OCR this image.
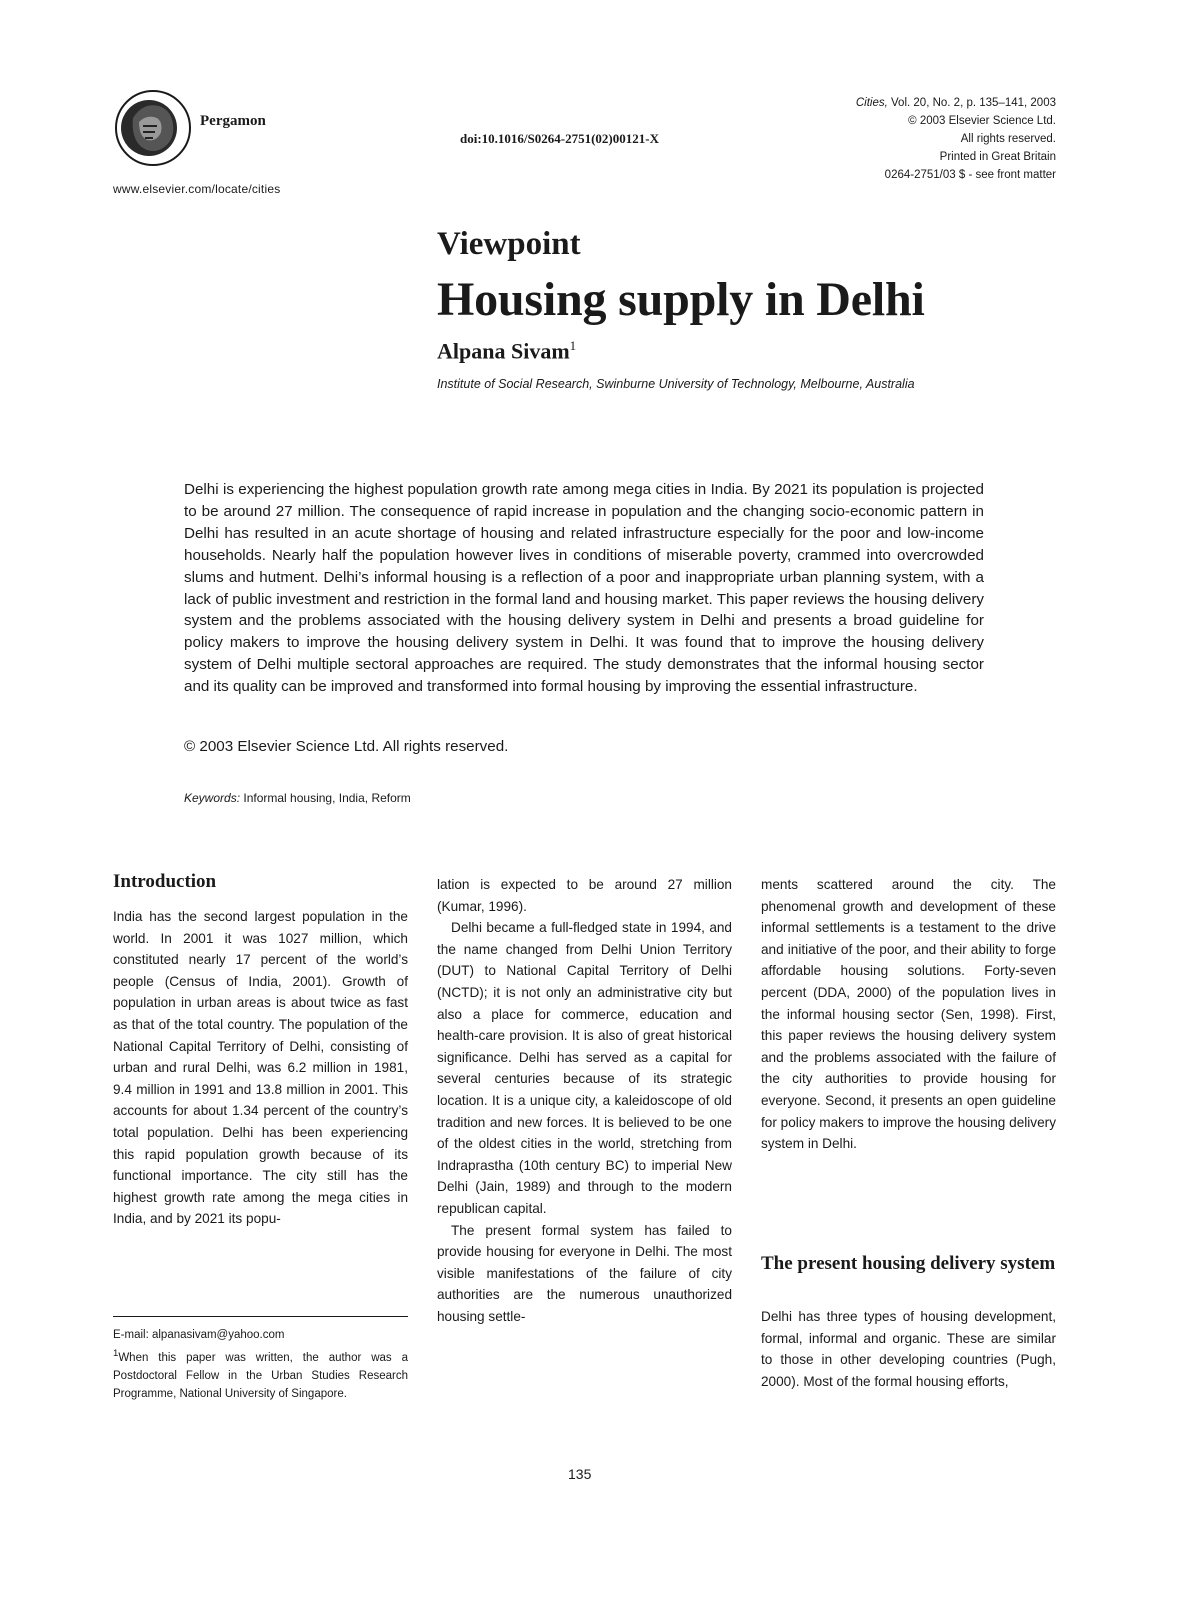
Pergamon
www.elsevier.com/locate/cities
doi:10.1016/S0264-2751(02)00121-X
Cities, Vol. 20, No. 2, p. 135–141, 2003
© 2003 Elsevier Science Ltd.
All rights reserved.
Printed in Great Britain
0264-2751/03 $ - see front matter
Viewpoint
Housing supply in Delhi
Alpana Sivam$^1$
Institute of Social Research, Swinburne University of Technology, Melbourne, Australia
Delhi is experiencing the highest population growth rate among mega cities in India. By 2021 its population is projected to be around 27 million. The consequence of rapid increase in population and the changing socio-economic pattern in Delhi has resulted in an acute shortage of housing and related infrastructure especially for the poor and low-income households. Nearly half the population however lives in conditions of miserable poverty, crammed into overcrowded slums and hutment. Delhi’s informal housing is a reflection of a poor and inappropriate urban planning system, with a lack of public investment and restriction in the formal land and housing market. This paper reviews the housing delivery system and the problems associated with the housing delivery system in Delhi and presents a broad guideline for policy makers to improve the housing delivery system in Delhi. It was found that to improve the housing delivery system of Delhi multiple sectoral approaches are required. The study demonstrates that the informal housing sector and its quality can be improved and transformed into formal housing by improving the essential infrastructure.
© 2003 Elsevier Science Ltd. All rights reserved.
Keywords: Informal housing, India, Reform
Introduction

India has the second largest population in the world. In 2001 it was 1027 million, which constituted nearly 17 percent of the world’s people (Census of India, 2001). Growth of population in urban areas is about twice as fast as that of the total country. The population of the National Capital Territory of Delhi, consisting of urban and rural Delhi, was 6.2 million in 1981, 9.4 million in 1991 and 13.8 million in 2001. This accounts for about 1.34 percent of the country’s total population. Delhi has been experiencing this rapid population growth because of its functional importance. The city still has the highest growth rate among the mega cities in India, and by 2021 its popu-

E-mail: alpanasivam@yahoo.com

$^1$When this paper was written, the author was a Postdoctoral Fellow in the Urban Studies Research Programme, National University of Singapore.

lation is expected to be around 27 million (Kumar, 1996).

Delhi became a full-fledged state in 1994, and the name changed from Delhi Union Territory (DUT) to National Capital Territory of Delhi (NCTD); it is not only an administrative city but also a place for commerce, education and health-care provision. It is also of great historical significance. Delhi has served as a capital for several centuries because of its strategic location. It is a unique city, a kaleidoscope of old tradition and new forces. It is believed to be one of the oldest cities in the world, stretching from Indraprastha (10th century BC) to imperial New Delhi (Jain, 1989) and through to the modern republican capital.

The present formal system has failed to provide housing for everyone in Delhi. The most visible manifestations of the failure of city authorities are the numerous unauthorized housing settle-

ments scattered around the city. The phenomenal growth and development of these informal settlements is a testament to the drive and initiative of the poor, and their ability to forge affordable housing solutions. Forty-seven percent (DDA, 2000) of the population lives in the informal housing sector (Sen, 1998). First, this paper reviews the housing delivery system and the problems associated with the failure of the city authorities to provide housing for everyone. Second, it presents an open guideline for policy makers to improve the housing delivery system in Delhi.

The present housing delivery system

Delhi has three types of housing development, formal, informal and organic. These are similar to those in other developing countries (Pugh, 2000). Most of the formal housing efforts,

135
